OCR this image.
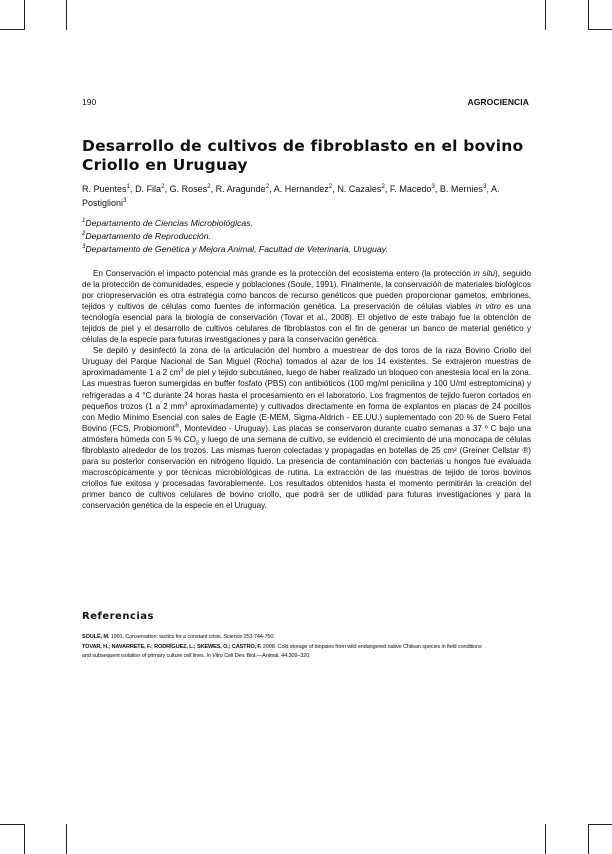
190	AGROCIENCIA
Desarrollo de cultivos de fibroblasto en el bovino Criollo en Uruguay
R. Puentes$^1$, D. Fila$^2$, G. Roses$^2$, R. Aragunde$^2$, A. Hernandez$^2$, N. Cazales$^2$, F. Macedo$^3$, B. Mernies$^3$, A. Postiglioni$^3$
$^1$Departamento de Ciencias Microbiológicas.
$^2$Departamento de Reproducción.
$^3$Departamento de Genética y Mejora Animal, Facultad de Veterinaria, Uruguay.

En Conservación el impacto potencial más grande es la protección del ecosistema entero (la protección in situ), seguido de la protección de comunidades, especie y poblaciones (Soule, 1991). Finalmente, la conservación de materiales biológicos por criopreservación es otra estrategia como bancos de recurso genéticos que pueden proporcionar gametos, embriones, tejidos y cultivos de células como fuentes de información genética. La preservación de células viables in vitro es una tecnología esencial para la biología de conservación (Tovar et al., 2008). El objetivo de este trabajo fue la obtención de tejidos de piel y el desarrollo de cultivos celulares de fibroblastos con el fin de generar un banco de material genético y células de la especie para futuras investigaciones y para la conservación genética.

Se depiló y desinfectó la zona de la articulación del hombro a muestrear de dos toros de la raza Bovino Criollo del Uruguay del Parque Nacional de San Miguel (Rocha) tomados al azar de los 14 existentes. Se extrajeron muestras de aproximadamente 1 a 2 $cm^3$ de piel y tejido subcutáneo, luego de haber realizado un bloqueo con anestesia local en la zona. Las muestras fueron sumergidas en buffer fosfato (PBS) con antibióticos (100 mg/ml penicilina y 100 U/ml estreptomicina) y refrigeradas a 4 °C durante 24 horas hasta el procesamiento en el laboratorio. Los fragmentos de tejido fueron cortados en pequeños trozos (1 a 2 $mm^3$ aproximadamente) y cultivados directamente en forma de explantos en placas de 24 pocillos con Medio Mínimo Esencial con sales de Eagle (E-MEM, Sigma-Aldrich - EE.UU.) suplementado con 20 % de Suero Fetal Bovino (FCS, Probiomont®, Montevideo - Uruguay). Las placas se conservaron durante cuatro semanas a 37 º C bajo una atmósfera húmeda con 5 % $CO_2$ y luego de una semana de cultivo, se evidenció el crecimiento de una monocapa de células fibroblasto alrededor de los trozos. Las mismas fueron colectadas y propagadas en botellas de 25 cm² (Greiner Cellstar ®) para su posterior conservación en nitrógeno líquido. La presencia de contaminación con bacterias u hongos fue evaluada macroscópicamente y por técnicas microbiológicas de rutina. La extracción de las muestras de tejido de toros bovinos criollos fue exitosa y procesadas favorablemente. Los resultados obtenidos hasta el momento permitirán la creación del primer banco de cultivos celulares de bovino criollo, que podrá ser de utilidad para futuras investigaciones y para la conservación genética de la especie en el Uruguay.

Referencias
SOULÉ, M. 1991. Conservation: tactics for a constant crisis. Science 253:744-750.
TOVAR, H.; NAVARRETE, F.; RODRÍGUEZ, L.; SKEWES, O.; CASTRO, F. 2008. Cold storage of biopsies from wild endangered native Chilean species in field conditions
and subsequent isolation of primary culture cell lines. In Vitro Cell Dev. Biol.—Animal. 44:309–320.
